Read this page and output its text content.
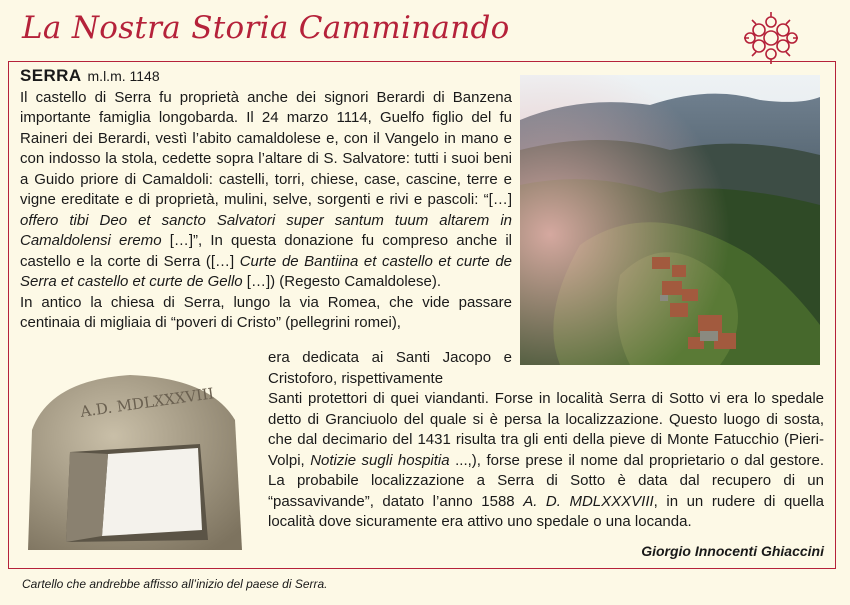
La Nostra Storia Camminando
A.D. MDLXXXVIII
SERRA m.l.m. 1148

Il castello di Serra fu proprietà anche dei signori Berardi di Banzena importante famiglia longobarda. Il 24 marzo 1114, Guelfo figlio del fu Raineri dei Berardi, vestì l’abito camaldolese e, con il Vangelo in mano e con indosso la stola, cedette sopra l’altare di S. Salvatore: tutti i suoi beni a Guido priore di Camaldoli: castelli, torri, chiese, case, cascine, terre e vigne ereditate e di proprietà, mulini, selve, sorgenti e rivi e pascoli: “[…] offero tibi Deo et sancto Salvatori super santum tuum altarem in Camaldolensi eremo […]”, In questa donazione fu compreso anche il castello e la corte di Serra ([…] Curte de Bantiina et castello et curte de Serra et castello et curte de Gello […]) (Regesto Camaldolese).

In antico la chiesa di Serra, lungo la via Romea, che vide passare centinaia di migliaia di “poveri di Cristo” (pellegrini romei),

era dedicata ai Santi Jacopo e Cristoforo, rispettivamente

Santi protettori di quei viandanti. Forse in località Serra di Sotto vi era lo spedale detto di Granciuolo del quale si è persa la localizzazione. Questo luogo di sosta, che dal decimario del 1431 risulta tra gli enti della pieve di Monte Fatucchio (Pieri-Volpi, Notizie sugli hospitia ...,), forse prese il nome dal proprietario o dal gestore. La probabile localizzazione a Serra di Sotto è data dal recupero di un “passavivande”, datato l’anno 1588 A. D. MDLXXXVIII, in un rudere di quella località dove sicuramente era attivo uno spedale o una locanda.

Giorgio Innocenti Ghiaccini
Cartello che andrebbe affisso all’inizio del paese di Serra.
